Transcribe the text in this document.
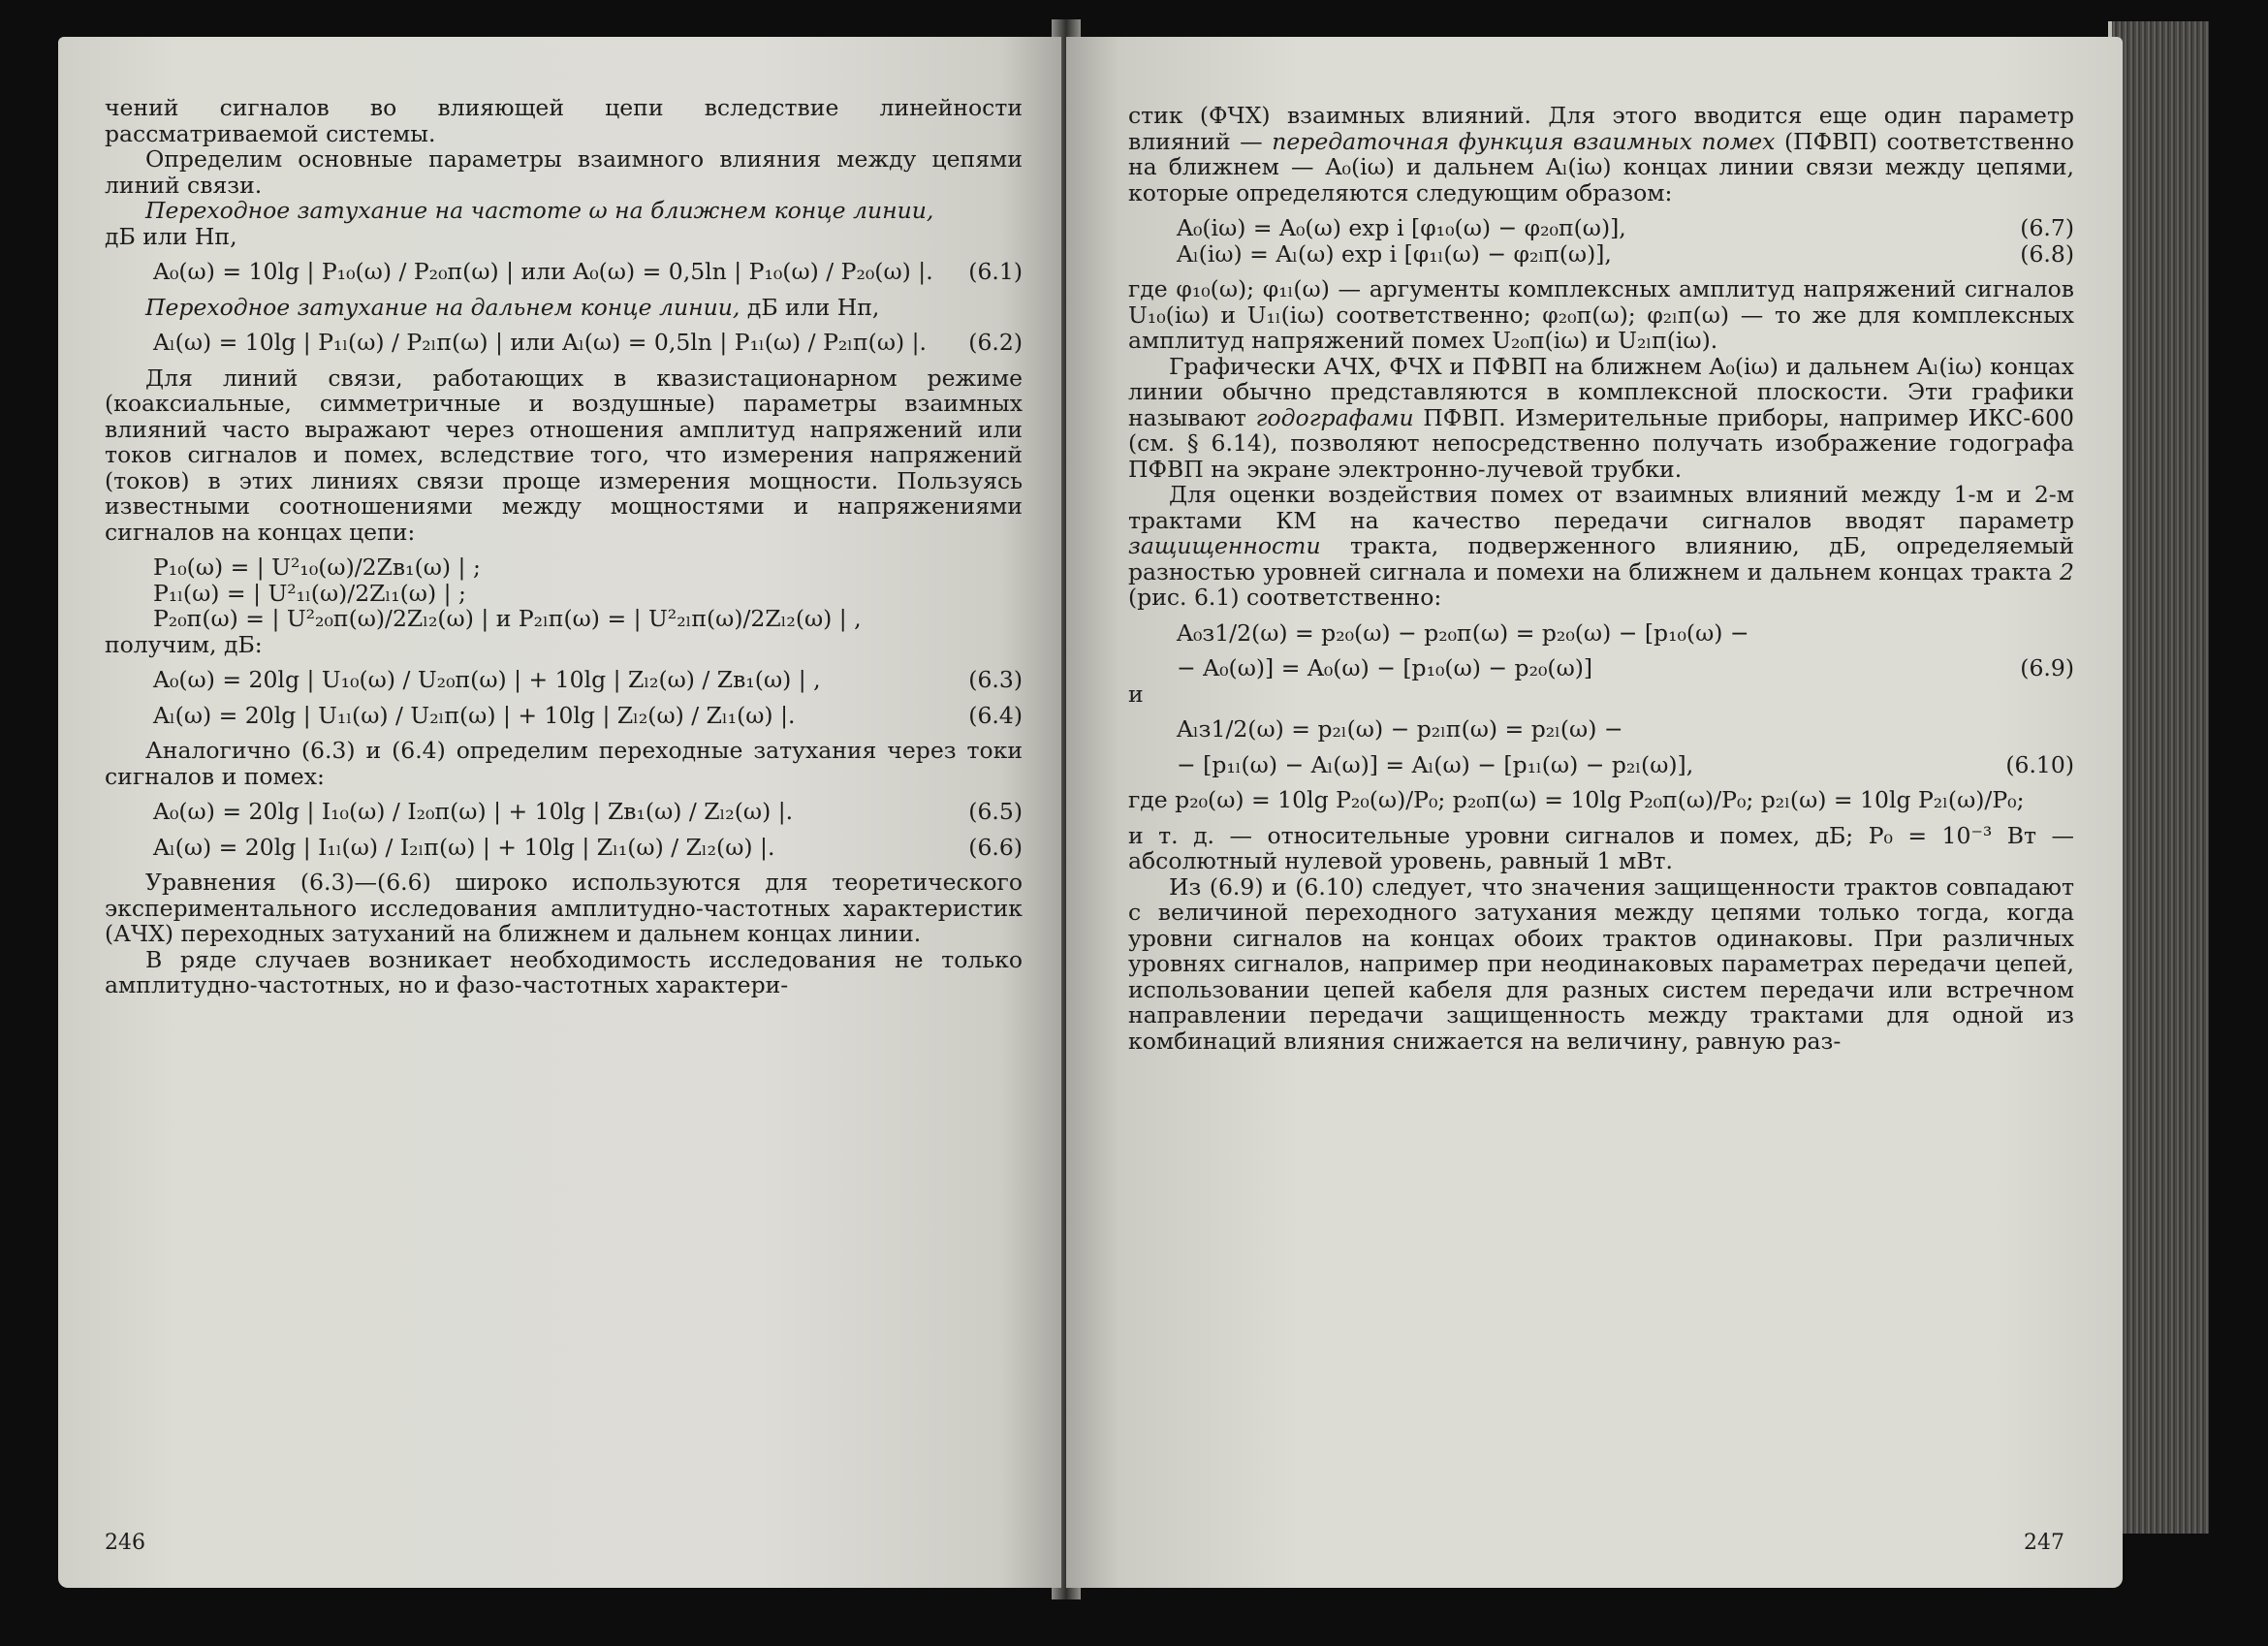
чений сигналов во влияющей цепи вследствие линейности рассматриваемой системы.

Определим основные параметры взаимного влияния между цепями линий связи.

Переходное затухание на частоте ω на ближнем конце линии,

дБ или Нп,

A₀(ω) = 10lg | P₁₀(ω) / P₂₀п(ω) | или A₀(ω) = 0,5ln | P₁₀(ω) / P₂₀(ω) |. (6.1)

Переходное затухание на дальнем конце линии, дБ или Нп,

Aₗ(ω) = 10lg | P₁ₗ(ω) / P₂ₗп(ω) | или Aₗ(ω) = 0,5ln | P₁ₗ(ω) / P₂ₗп(ω) |. (6.2)

Для линий связи, работающих в квазистационарном режиме (коаксиальные, симметричные и воздушные) параметры взаимных влияний часто выражают через отношения амплитуд напряжений или токов сигналов и помех, вследствие того, что измерения напряжений (токов) в этих линиях связи проще измерения мощности. Пользуясь известными соотношениями между мощностями и напряжениями сигналов на концах цепи:

P₁₀(ω) = | U²₁₀(ω)/2Zв₁(ω) | ;
P₁ₗ(ω) = | U²₁ₗ(ω)/2Zₗ₁(ω) | ;
P₂₀п(ω) = | U²₂₀п(ω)/2Zₗ₂(ω) | и P₂ₗп(ω) = | U²₂ₗп(ω)/2Zₗ₂(ω) | ,

получим, дБ:

A₀(ω) = 20lg | U₁₀(ω) / U₂₀п(ω) | + 10lg | Zₗ₂(ω) / Zв₁(ω) | ,	(6.3)
Aₗ(ω) = 20lg | U₁ₗ(ω) / U₂ₗп(ω) | + 10lg | Zₗ₂(ω) / Zₗ₁(ω) |.	(6.4)

Аналогично (6.3) и (6.4) определим переходные затухания через токи сигналов и помех:

A₀(ω) = 20lg | I₁₀(ω) / I₂₀п(ω) | + 10lg | Zв₁(ω) / Zₗ₂(ω) |.	(6.5)
Aₗ(ω) = 20lg | I₁ₗ(ω) / I₂ₗп(ω) | + 10lg | Zₗ₁(ω) / Zₗ₂(ω) |.	(6.6)

Уравнения (6.3)—(6.6) широко используются для теоретического экспериментального исследования амплитудно-частотных характеристик (АЧХ) переходных затуханий на ближнем и дальнем концах линии.

В ряде случаев возникает необходимость исследования не только амплитудно-частотных, но и фазо-частотных характери-

246

стик (ФЧХ) взаимных влияний. Для этого вводится еще один параметр влияний — передаточная функция взаимных помех (ПФВП) соответственно на ближнем — A₀(iω) и дальнем Aₗ(iω) концах линии связи между цепями, которые определяются следующим образом:

A₀(iω) = A₀(ω) exp i [φ₁₀(ω) − φ₂₀п(ω)],	(6.7)
Aₗ(iω) = Aₗ(ω) exp i [φ₁ₗ(ω) − φ₂ₗп(ω)],	(6.8)

где φ₁₀(ω); φ₁ₗ(ω) — аргументы комплексных амплитуд напряжений сигналов U₁₀(iω) и U₁ₗ(iω) соответственно; φ₂₀п(ω); φ₂ₗп(ω) — то же для комплексных амплитуд напряжений помех U₂₀п(iω) и U₂ₗп(iω).

Графически АЧХ, ФЧХ и ПФВП на ближнем A₀(iω) и дальнем Aₗ(iω) концах линии обычно представляются в комплексной плоскости. Эти графики называют годографами ПФВП. Измерительные приборы, например ИКС-600 (см. § 6.14), позволяют непосредственно получать изображение годографа ПФВП на экране электронно-лучевой трубки.

Для оценки воздействия помех от взаимных влияний между 1-м и 2-м трактами КМ на качество передачи сигналов вводят параметр защищенности тракта, подверженного влиянию, дБ, определяемый разностью уровней сигнала и помехи на ближнем и дальнем концах тракта 2 (рис. 6.1) соответственно:

A₀з1/2(ω) = p₂₀(ω) − p₂₀п(ω) = p₂₀(ω) − [p₁₀(ω) −
− A₀(ω)] = A₀(ω) − [p₁₀(ω) − p₂₀(ω)]	(6.9)

и

Aₗз1/2(ω) = p₂ₗ(ω) − p₂ₗп(ω) = p₂ₗ(ω) −
− [p₁ₗ(ω) − Aₗ(ω)] = Aₗ(ω) − [p₁ₗ(ω) − p₂ₗ(ω)],	(6.10)
где p₂₀(ω) = 10lg P₂₀(ω)/P₀; p₂₀п(ω) = 10lg P₂₀п(ω)/P₀; p₂ₗ(ω) = 10lg P₂ₗ(ω)/P₀;

и т. д. — относительные уровни сигналов и помех, дБ; P₀ = 10⁻³ Вт — абсолютный нулевой уровень, равный 1 мВт.

Из (6.9) и (6.10) следует, что значения защищенности трактов совпадают с величиной переходного затухания между цепями только тогда, когда уровни сигналов на концах обоих трактов одинаковы. При различных уровнях сигналов, например при неодинаковых параметрах передачи цепей, использовании цепей кабеля для разных систем передачи или встречном направлении передачи защищенность между трактами для одной из комбинаций влияния снижается на величину, равную раз-

247
